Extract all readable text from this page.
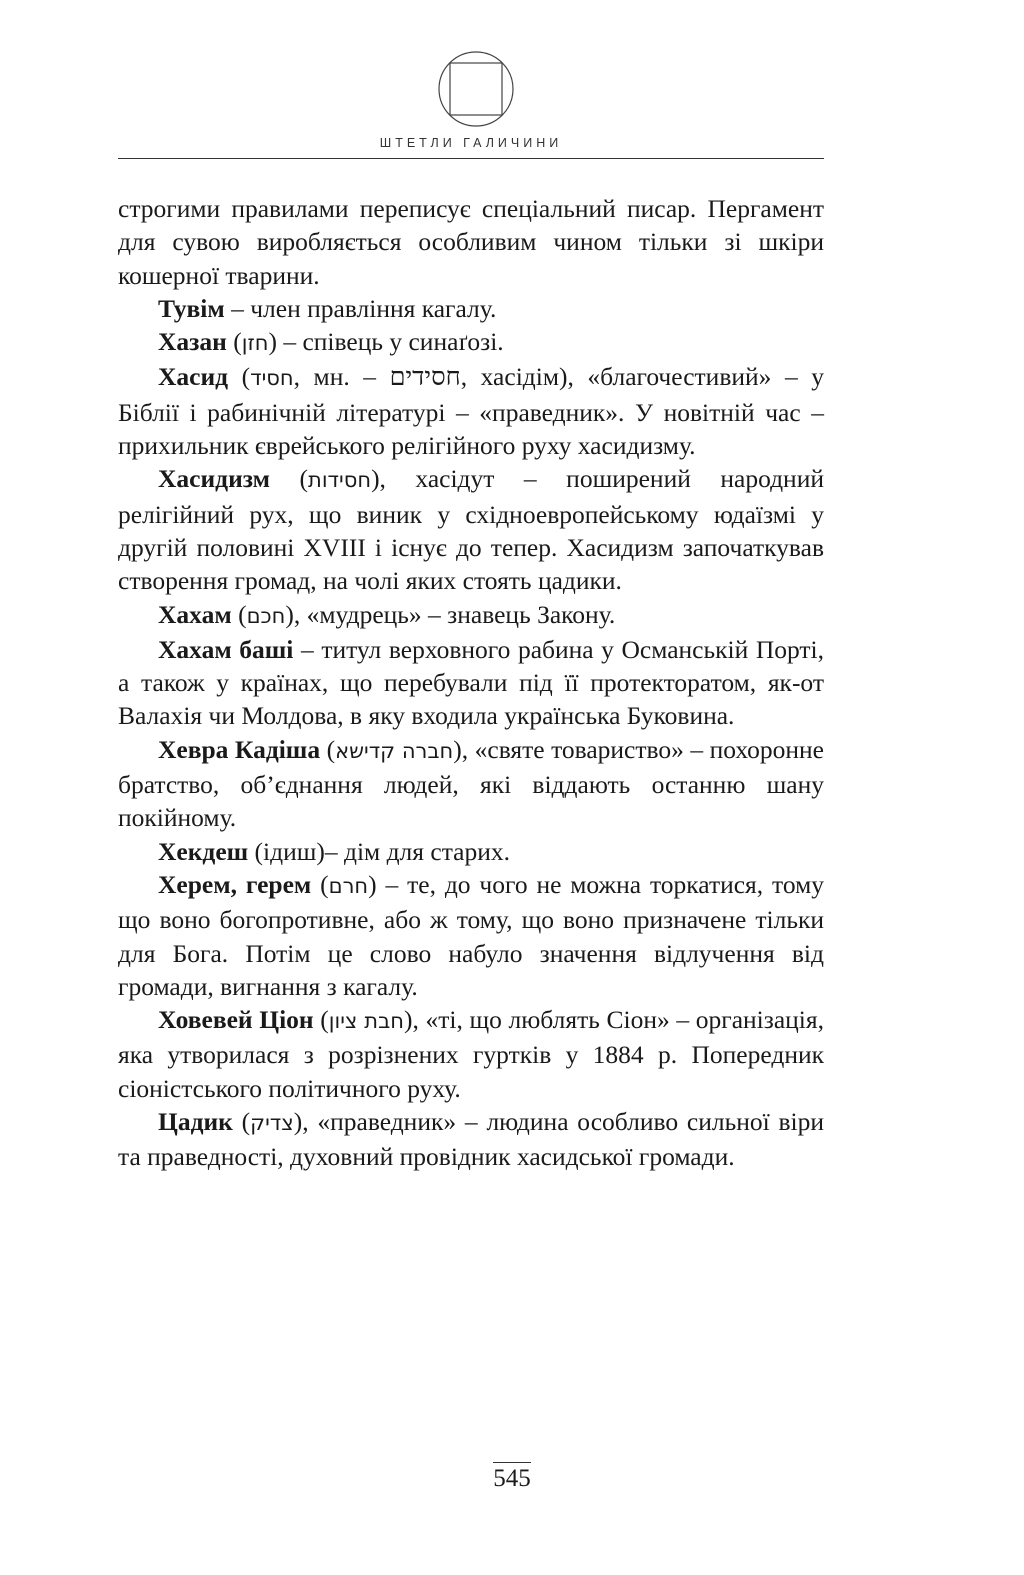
ШТЕТЛИ ГАЛИЧИНИ

строгими правилами переписує спеціальний писар. Пергамент для сувою виробляється особливим чином тільки зі шкіри кошерної тварини.

Тувім – член правління кагалу.

Хазан (חזן) – співець у синаґозі.

Хасид (חסיד, мн. – חסידים, хасідім), «благочестивий» – у Біблії і рабинічній літературі – «праведник». У новітній час – прихильник єврейського релігійного руху хасидизму.

Хасидизм (חסידות), хасідут – поширений народний релігійний рух, що виник у східноевропейському юдаїзмі у другій половині XVIII і існує до тепер. Хасидизм започаткував створення громад, на чолі яких стоять цадики.

Хахам (חכם), «мудрець» – знавець Закону.

Хахам баші – титул верховного рабина у Османській Порті, а також у країнах, що перебували під її протекторатом, як-от Валахія чи Молдова, в яку входила українська Буковина.

Хевра Кадіша (חברה קדישא), «святе товариство» – похоронне братство, об’єднання людей, які віддають останню шану покійному.

Хекдеш (ідиш)– дім для старих.

Херем, герем (חרם) – те, до чого не можна торкатися, тому що воно богопротивне, або ж тому, що воно призначене тільки для Бога. Потім це слово набуло значення відлучення від громади, вигнання з кагалу.

Ховевей Ціон (חבת ציון), «ті, що люблять Сіон» – організація, яка утворилася з розрізнених гуртків у 1884 р. Попередник сіоністського політичного руху.

Цадик (צדיק), «праведник» – людина особливо сильної віри та праведності, духовний провідник хасидської громади.

545
